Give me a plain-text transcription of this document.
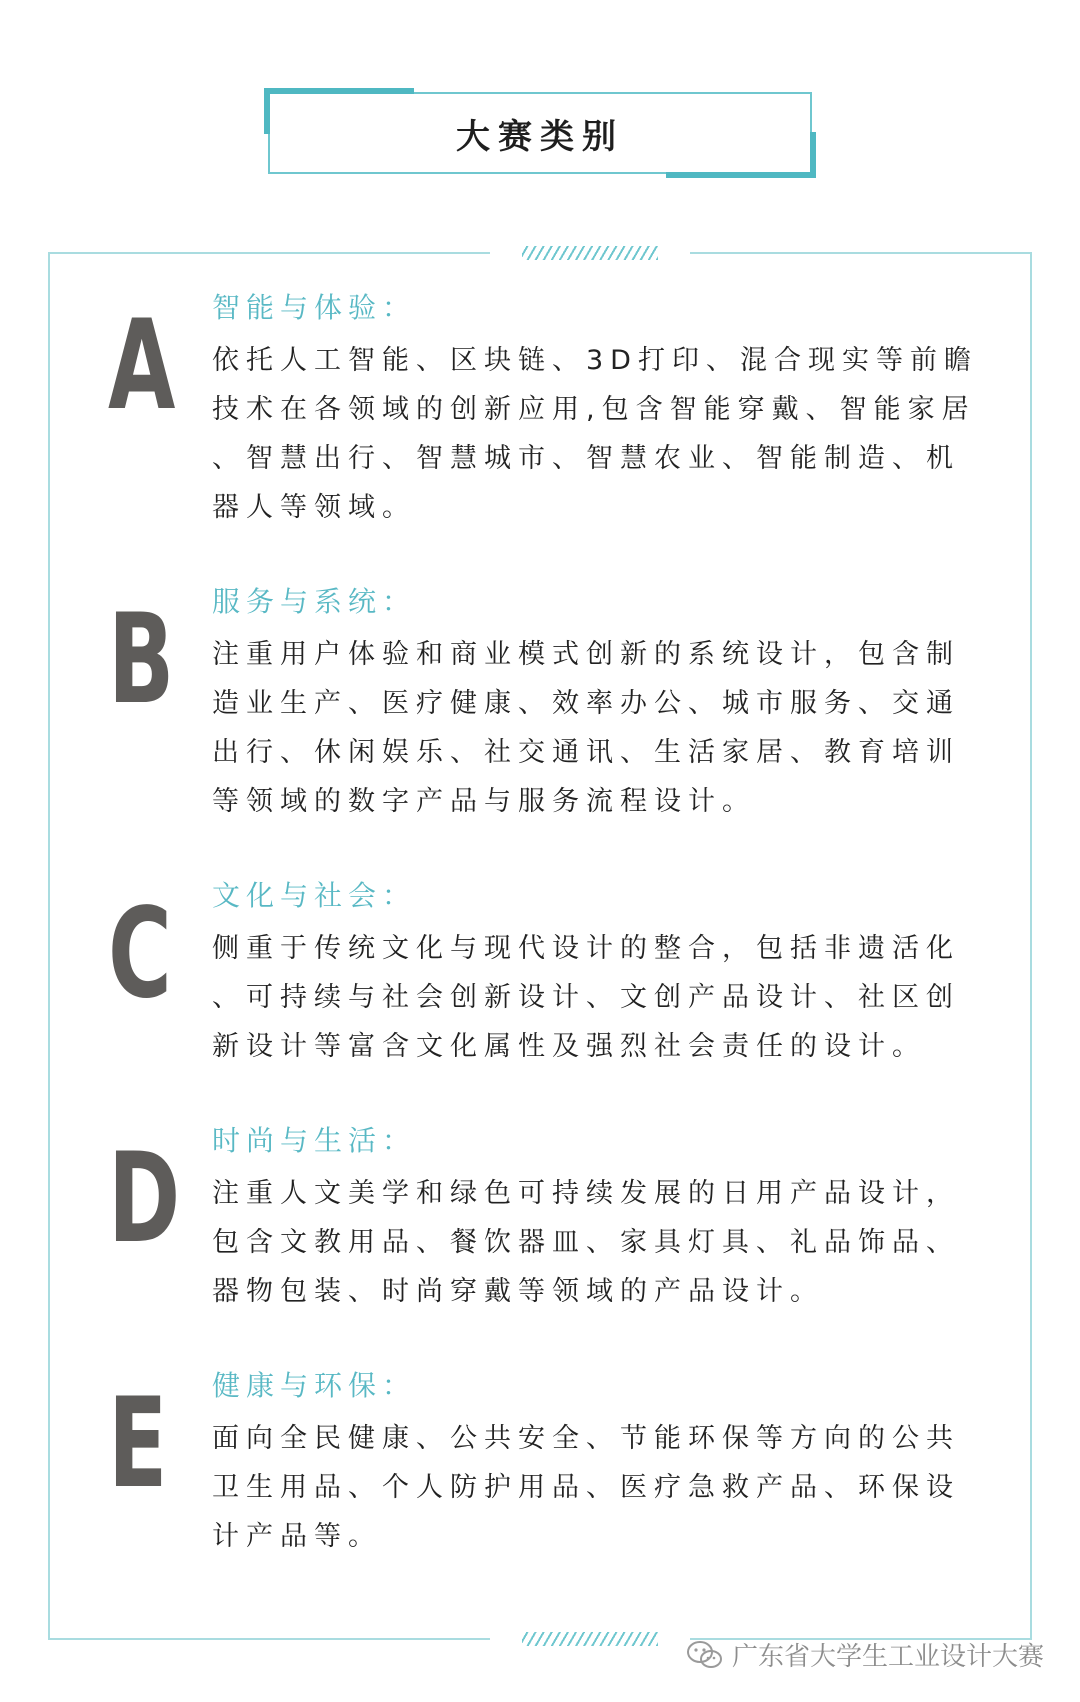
大赛类别
A 智能与体验：
依托人工智能、区块链、3D打印、混合现实等前瞻
技术在各领域的创新应用,包含智能穿戴、智能家居
、智慧出行、智慧城市、智慧农业、智能制造、机
器人等领域。
B 服务与系统：
注重用户体验和商业模式创新的系统设计，包含制
造业生产、医疗健康、效率办公、城市服务、交通
出行、休闲娱乐、社交通讯、生活家居、教育培训
等领域的数字产品与服务流程设计。
C 文化与社会：
侧重于传统文化与现代设计的整合，包括非遗活化
、可持续与社会创新设计、文创产品设计、社区创
新设计等富含文化属性及强烈社会责任的设计。
D 时尚与生活：
注重人文美学和绿色可持续发展的日用产品设计，
包含文教用品、餐饮器皿、家具灯具、礼品饰品、
器物包装、时尚穿戴等领域的产品设计。
E 健康与环保：
面向全民健康、公共安全、节能环保等方向的公共
卫生用品、个人防护用品、医疗急救产品、环保设
计产品等。
广东省大学生工业设计大赛
